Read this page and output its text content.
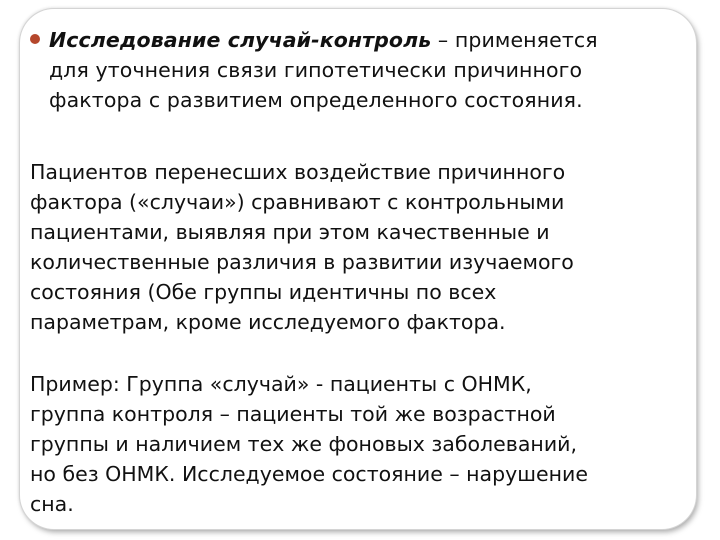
Исследование случай-контроль – применяется
для уточнения связи гипотетически причинного
фактора с развитием определенного состояния.
Пациентов перенесших воздействие причинного
фактора («случаи») сравнивают с контрольными
пациентами, выявляя при этом качественные и
количественные различия в развитии изучаемого
состояния (Обе группы идентичны по всех
параметрам, кроме исследуемого фактора.
Пример: Группа «случай» - пациенты с ОНМК,
группа контроля – пациенты той же возрастной
группы и наличием тех же фоновых заболеваний,
но без ОНМК. Исследуемое состояние – нарушение
сна.
